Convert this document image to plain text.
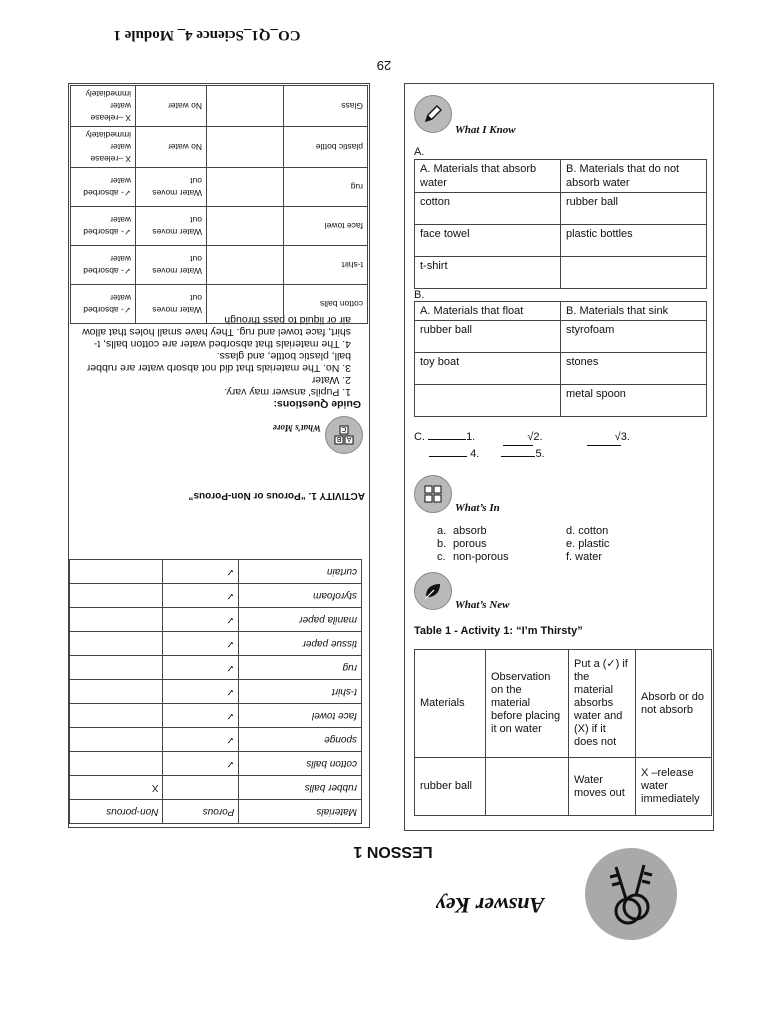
CO_Q1_Science 4_ Module 1
29
What I Know
A.
A. Materials that absorb water	B. Materials that do not absorb water
cotton	rubber ball
face towel	plastic bottles
t-shirt	
B.
A. Materials that float	B. Materials that sink
rubber ball	styrofoam
toy boat	stones
	metal spoon
C.	1.	√2.	√3.
4.	5.
What’s In
a. absorb
b. porous
c. non-porous
d. cotton
e. plastic
f. water
What’s New
Table 1 - Activity 1: “I’m Thirsty”
Materials	Observation on the material before placing it on water	Put a (✓) if the material absorbs water and (X) if it does not	Absorb or do not absorb
rubber ball		Water moves out	X –release water immediately
A
B
C
What’s More
ACTIVITY 1. “Porous or Non-Porous”
Materials	Porous	Non-porous
rubber balls		X
cotton balls	✓	
sponge	✓	
face towel	✓	
t-shirt	✓	
rug	✓	
tissue paper	✓	
manila paper	✓	
styrofoam	✓	
curtain	✓	
Guide Questions:
1. Pupils’ answer may vary.
2. Water
3. No. The materials that did not absorb water are rubber ball, plastic bottle, and glass.
4. The materials that absorbed water are cotton balls, t-shirt, face towel and rug. They have small holes that allow air or liquid to pass through
cotton balls		Water moves out	✓- absorbed water
t-shirt		Water moves out	✓- absorbed water
face towel		Water moves out	✓- absorbed water
rug		Water moves out	✓- absorbed water
plastic bottle		No water	X –release water immediately
Glass		No water	X –release water immediately
LESSON 1
Answer Key
